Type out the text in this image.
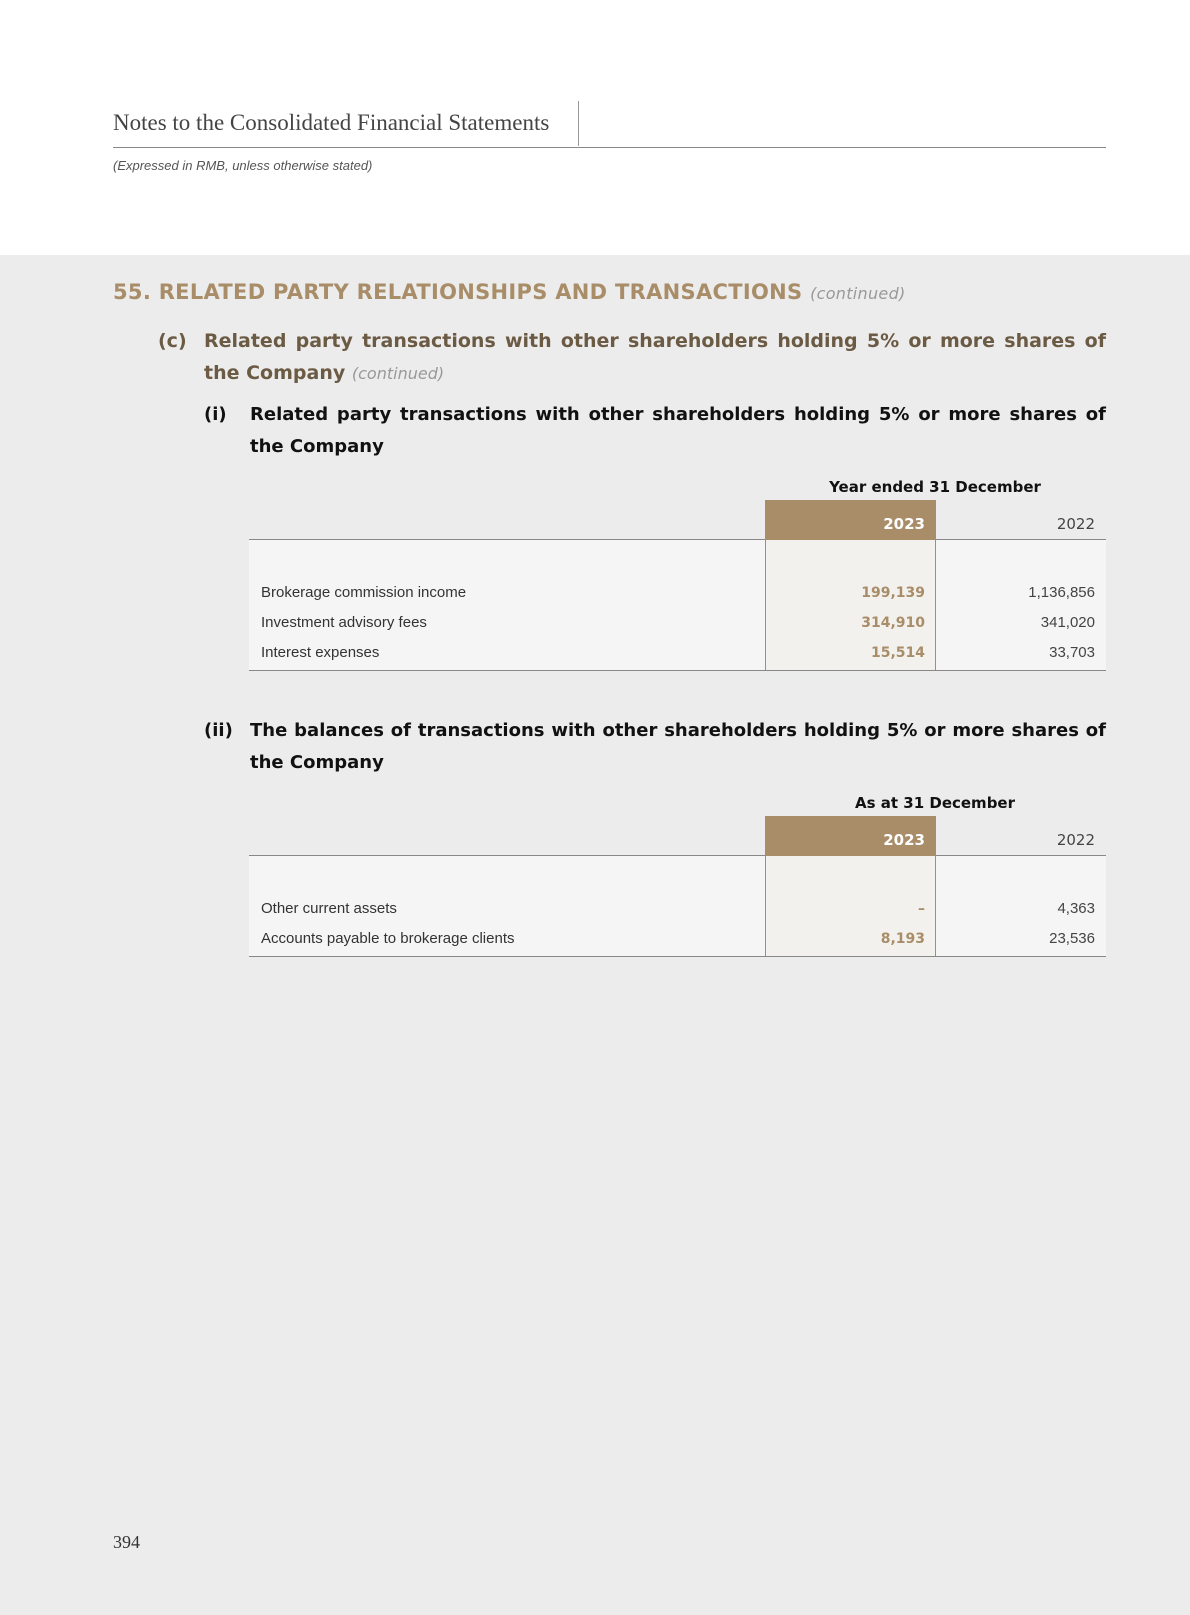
Notes to the Consolidated Financial Statements
(Expressed in RMB, unless otherwise stated)
55. RELATED PARTY RELATIONSHIPS AND TRANSACTIONS (continued)
(c) Related party transactions with other shareholders holding 5% or more shares of the Company (continued)
(i) Related party transactions with other shareholders holding 5% or more shares of the Company
Year ended 31 December
2023	2022
Brokerage commission income	199,139	1,136,856
Investment advisory fees	314,910	341,020
Interest expenses	15,514	33,703
(ii) The balances of transactions with other shareholders holding 5% or more shares of the Company
As at 31 December
2023	2022
Other current assets	–	4,363
Accounts payable to brokerage clients	8,193	23,536
394
